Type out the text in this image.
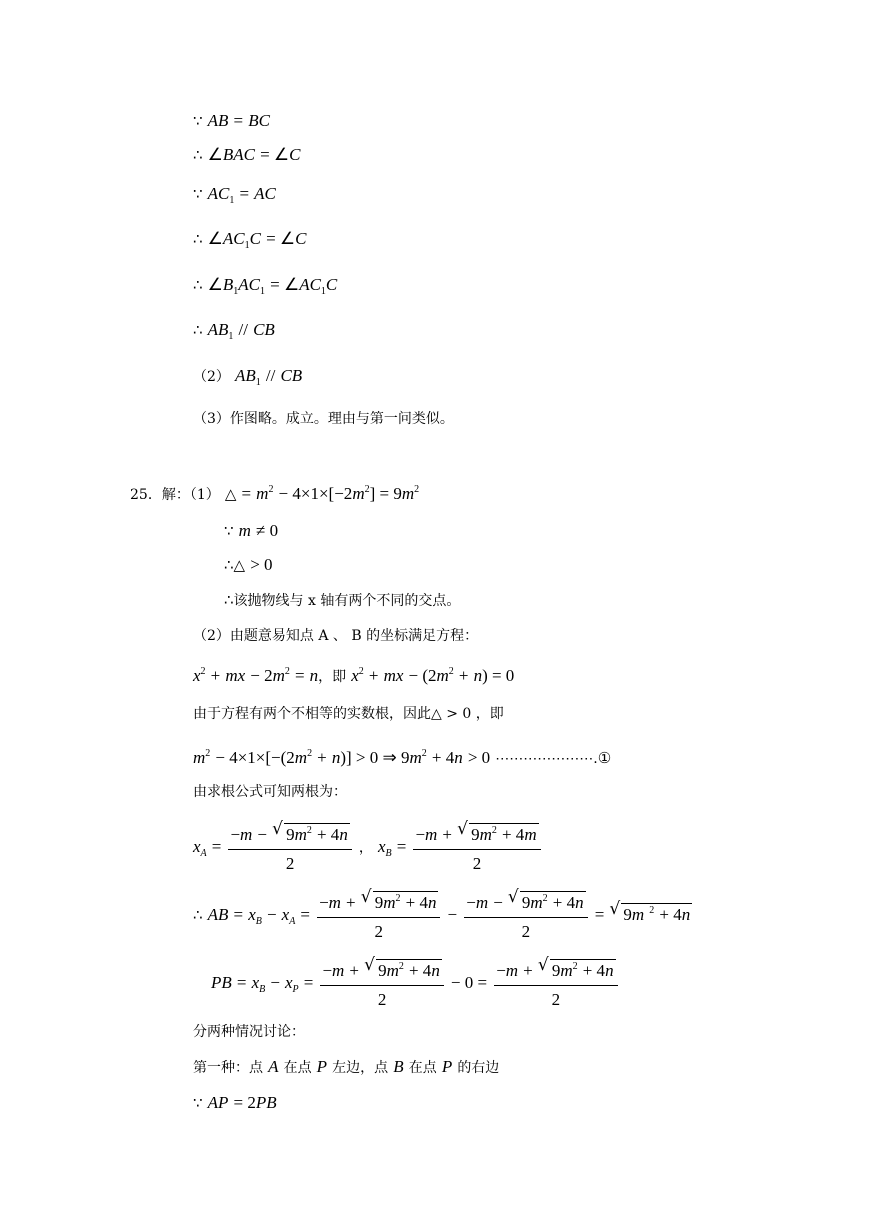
∵ AB = BC
∴ ∠BAC = ∠C
∵ $AC_1$ = AC
∴ $\angle AC_1C$ = ∠C
∴ $\angle B_1AC_1$ = $\angle AC_1C$
∴ $AB_1$ // CB
（2） $AB_1$ // CB
（3）作图略。成立。理由与第一问类似。
25．解：（1） △ = $m^2 - 4\times 1\times[-2m^2] = 9m^2$
∵ m ≠ 0
∴△ > 0
∴该抛物线与 x 轴有两个不同的交点。
（2）由题意易知点 A 、 B 的坐标满足方程：
$x^2$ + mx − $2m^2 = n$，即 $x^2$ + mx − $(2m^2 + n) = 0$
由于方程有两个不相等的实数根，因此△ > 0 ，即
$m^2 - 4\times 1\times[-(2m^2 + n)] > 0$ ⇒ $9m^2 + 4n > 0$ ⋯⋯⋯⋯⋯⋯⋯.①
由求根公式可知两根为：
$x_A = \frac{-m - √ 9m^2 + 4n}{2}$ ， $x_B = \frac{-m + √ 9m^2 + 4m}{2}$
∴ AB = $x_B - x_A = \frac{-m + √ 9m^2 + 4n}{2} - \frac{-m - √ 9m^2 + 4n}{2}$ = √ 9m $^2$ + 4n
PB = $x_B - x_P = \frac{-m + √ 9m^2 + 4n}{2} - 0 = \frac{-m + √ 9m^2 + 4n}{2}$
分两种情况讨论：
第一种：点 A 在点 P 左边，点 B 在点 P 的右边
∵ AP = 2PB
